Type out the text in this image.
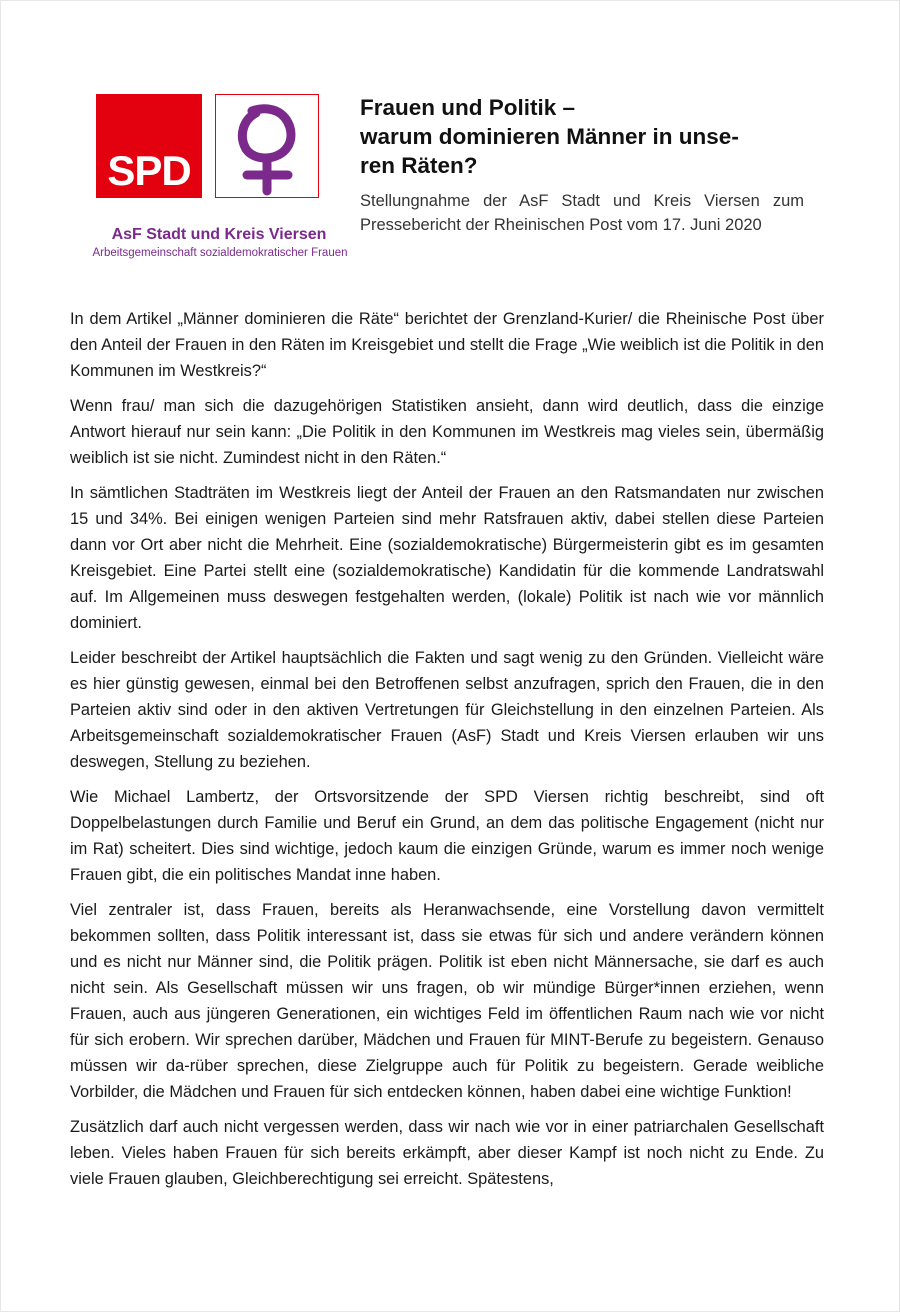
SPD
AsF Stadt und Kreis Viersen
Arbeitsgemeinschaft sozialdemokratischer Frauen
Frauen und Politik –
warum dominieren Männer in unse-
ren Räten?
Stellungnahme der AsF Stadt und Kreis Viersen zum
Pressebericht der Rheinischen Post vom 17. Juni 2020

In dem Artikel „Männer dominieren die Räte“ berichtet der Grenzland-Kurier/ die Rheinische Post über den Anteil der Frauen in den Räten im Kreisgebiet und stellt die Frage „Wie weiblich ist die Politik in den Kommunen im Westkreis?“

Wenn frau/ man sich die dazugehörigen Statistiken ansieht, dann wird deutlich, dass die einzige Antwort hierauf nur sein kann: „Die Politik in den Kommunen im Westkreis mag vieles sein, übermäßig weiblich ist sie nicht. Zumindest nicht in den Räten.“

In sämtlichen Stadträten im Westkreis liegt der Anteil der Frauen an den Ratsmandaten nur zwischen 15 und 34%. Bei einigen wenigen Parteien sind mehr Ratsfrauen aktiv, dabei stellen diese Parteien dann vor Ort aber nicht die Mehrheit. Eine (sozialdemokratische) Bürgermeisterin gibt es im gesamten Kreisgebiet. Eine Partei stellt eine (sozialdemokratische) Kandidatin für die kommende Landratswahl auf. Im Allgemeinen muss deswegen festgehalten werden, (lokale) Politik ist nach wie vor männlich dominiert.

Leider beschreibt der Artikel hauptsächlich die Fakten und sagt wenig zu den Gründen. Vielleicht wäre es hier günstig gewesen, einmal bei den Betroffenen selbst anzufragen, sprich den Frauen, die in den Parteien aktiv sind oder in den aktiven Vertretungen für Gleichstellung in den einzelnen Parteien. Als Arbeitsgemeinschaft sozialdemokratischer Frauen (AsF) Stadt und Kreis Viersen erlauben wir uns deswegen, Stellung zu beziehen.

Wie Michael Lambertz, der Ortsvorsitzende der SPD Viersen richtig beschreibt, sind oft Doppelbelastungen durch Familie und Beruf ein Grund, an dem das politische Engagement (nicht nur im Rat) scheitert. Dies sind wichtige, jedoch kaum die einzigen Gründe, warum es immer noch wenige Frauen gibt, die ein politisches Mandat inne haben.

Viel zentraler ist, dass Frauen, bereits als Heranwachsende, eine Vorstellung davon vermittelt bekommen sollten, dass Politik interessant ist, dass sie etwas für sich und andere verändern können und es nicht nur Männer sind, die Politik prägen. Politik ist eben nicht Männersache, sie darf es auch nicht sein. Als Gesellschaft müssen wir uns fragen, ob wir mündige Bürger*innen erziehen, wenn Frauen, auch aus jüngeren Generationen, ein wichtiges Feld im öffentlichen Raum nach wie vor nicht für sich erobern. Wir sprechen darüber, Mädchen und Frauen für MINT-Berufe zu begeistern. Genauso müssen wir da-rüber sprechen, diese Zielgruppe auch für Politik zu begeistern. Gerade weibliche Vorbilder, die Mädchen und Frauen für sich entdecken können, haben dabei eine wichtige Funktion!

Zusätzlich darf auch nicht vergessen werden, dass wir nach wie vor in einer patriarchalen Gesellschaft leben. Vieles haben Frauen für sich bereits erkämpft, aber dieser Kampf ist noch nicht zu Ende. Zu viele Frauen glauben, Gleichberechtigung sei erreicht. Spätestens,
